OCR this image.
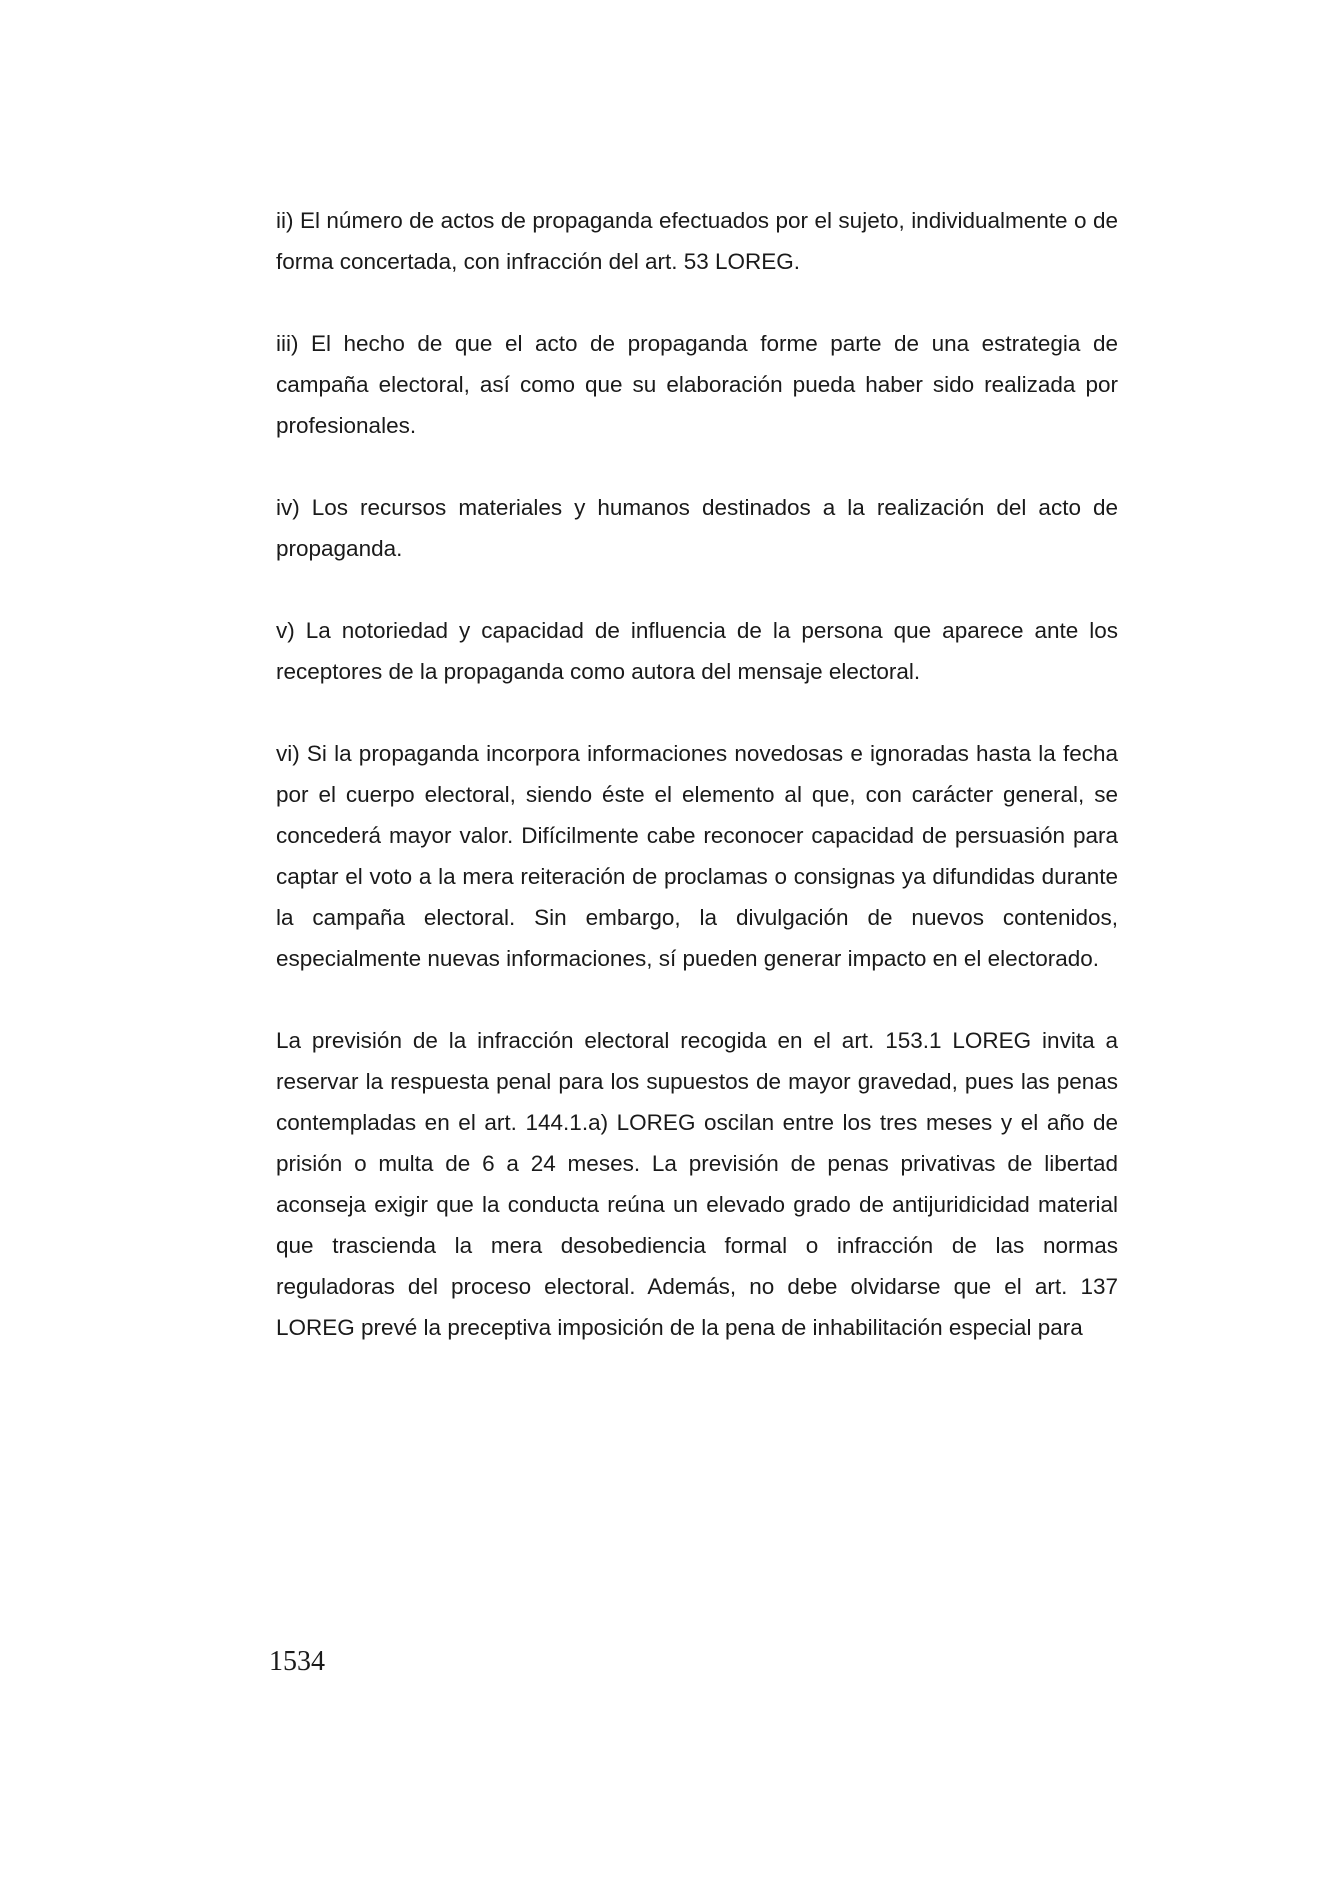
ii) El número de actos de propaganda efectuados por el sujeto, individualmente o de forma concertada, con infracción del art. 53 LOREG.

iii) El hecho de que el acto de propaganda forme parte de una estrategia de campaña electoral, así como que su elaboración pueda haber sido realizada por profesionales.

iv) Los recursos materiales y humanos destinados a la realización del acto de propaganda.

v) La notoriedad y capacidad de influencia de la persona que aparece ante los receptores de la propaganda como autora del mensaje electoral.

vi) Si la propaganda incorpora informaciones novedosas e ignoradas hasta la fecha por el cuerpo electoral, siendo éste el elemento al que, con carácter general, se concederá mayor valor. Difícilmente cabe reconocer capacidad de persuasión para captar el voto a la mera reiteración de proclamas o consignas ya difundidas durante la campaña electoral. Sin embargo, la divulgación de nuevos contenidos, especialmente nuevas informaciones, sí pueden generar impacto en el electorado.

La previsión de la infracción electoral recogida en el art. 153.1 LOREG invita a reservar la respuesta penal para los supuestos de mayor gravedad, pues las penas contempladas en el art. 144.1.a) LOREG oscilan entre los tres meses y el año de prisión o multa de 6 a 24 meses. La previsión de penas privativas de libertad aconseja exigir que la conducta reúna un elevado grado de antijuridicidad material que trascienda la mera desobediencia formal o infracción de las normas reguladoras del proceso electoral. Además, no debe olvidarse que el art. 137 LOREG prevé la preceptiva imposición de la pena de inhabilitación especial para

1534
